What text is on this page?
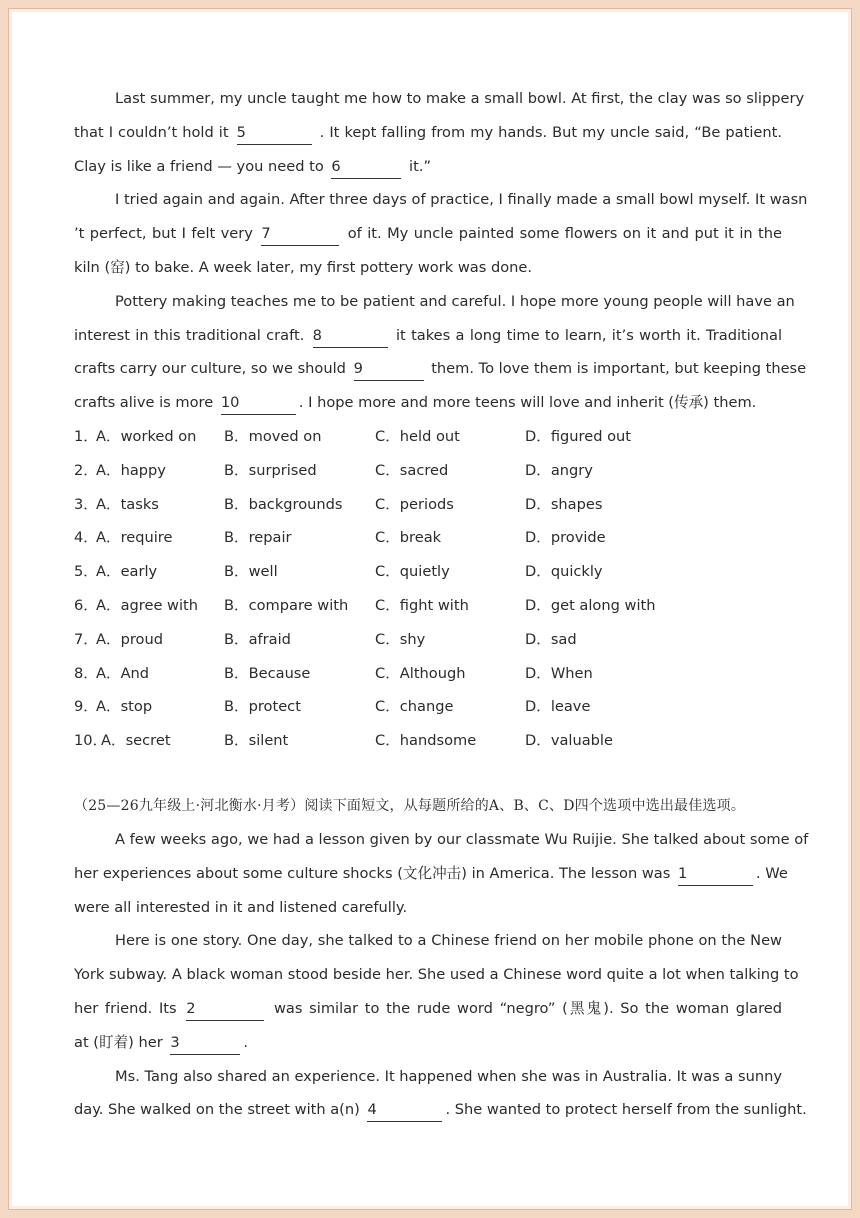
Last summer, my uncle taught me how to make a small bowl. At first, the clay was so slippery
that I couldn’t hold it 5	. It kept falling from my hands. But my uncle said, “Be patient.
Clay is like a friend — you need to 6	it.”
I tried again and again. After three days of practice, I finally made a small bowl myself. It wasn
’t perfect, but I felt very 7	of it. My uncle painted some flowers on it and put it in the
kiln (窑) to bake. A week later, my first pottery work was done.
Pottery making teaches me to be patient and careful. I hope more young people will have an
interest in this traditional craft. 8	it takes a long time to learn, it’s worth it. Traditional
crafts carry our culture, so we should 9	them. To love them is important, but keeping these
crafts alive is more 10	. I hope more and more teens will love and inherit (传承) them.
1．
A．worked on B．moved on	C．held out	D．figured out
2．
A．happy	B．surprised	C．sacred	D．angry
3．
A．tasks	B．backgrounds C．periods	D．shapes
4．
A．require	B．repair	C．break	D．provide
5．
A．early	B．well	C．quietly	D．quickly
6．
A．agree with B．compare with C．fight with	D．get along with
7．
A．proud	B．afraid	C．shy	D．sad
8．
A．And	B．Because	C．Although	D．When
9．
A．stop	B．protect	C．change	D．leave
10．
A．secret	B．silent	C．handsome	D．valuable
（25—26九年级上·河北衡水·月考）阅读下面短文，从每题所给的A、B、C、D四个选项中选出最佳选项。
A few weeks ago, we had a lesson given by our classmate Wu Ruijie. She talked about some of
her experiences about some culture shocks (文化冲击) in America. The lesson was 1	. We
were all interested in it and listened carefully.
Here is one story. One day, she talked to a Chinese friend on her mobile phone on the New
York subway. A black woman stood beside her. She used a Chinese word quite a lot when talking to
her friend. Its 2	was similar to the rude word “negro” (黑鬼). So the woman glared
at (盯着) her 3	.
Ms. Tang also shared an experience. It happened when she was in Australia. It was a sunny
day. She walked on the street with a(n) 4	. She wanted to protect herself from the sunlight.
